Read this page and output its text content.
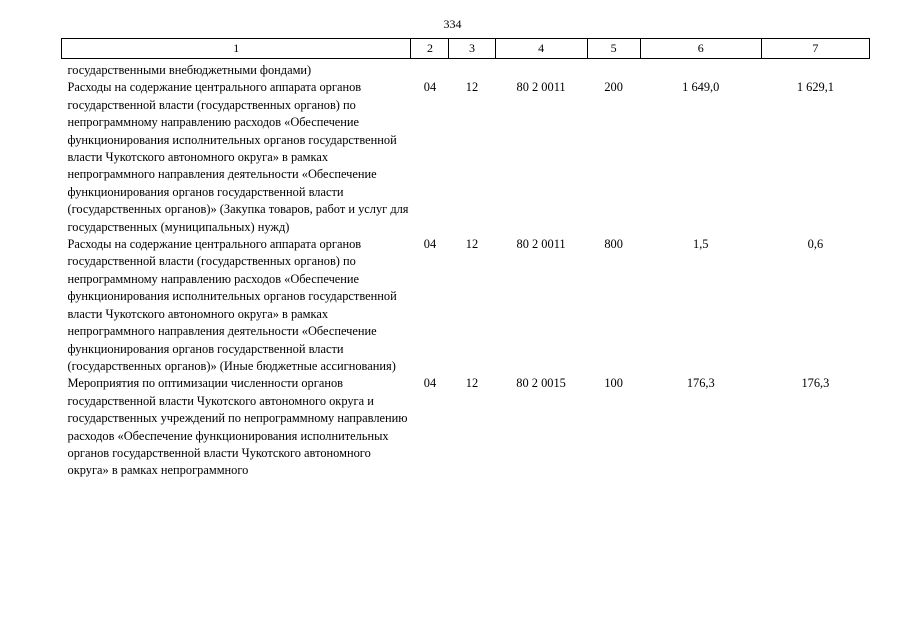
334
1	2	3	4	5	6	7
государственными внебюджетными фондами)
Расходы на содержание центрального аппарата органов государственной власти (государственных органов) по непрограммному направлению расходов «Обеспечение функционирования исполнительных органов государственной власти Чукотского автономного округа» в рамках непрограммного направления деятельности «Обеспечение функционирования органов государственной власти (государственных органов)» (Закупка товаров, работ и услуг для государственных (муниципальных) нужд)	04	12	80 2 0011	200	1 649,0	1 629,1
Расходы на содержание центрального аппарата органов государственной власти (государственных органов) по непрограммному направлению расходов «Обеспечение функционирования исполнительных органов государственной власти Чукотского автономного округа» в рамках непрограммного направления деятельности «Обеспечение функционирования органов государственной власти (государственных органов)» (Иные бюджетные ассигнования)	04	12	80 2 0011	800	1,5	0,6
Мероприятия по оптимизации численности органов государственной власти Чукотского автономного округа и государственных учреждений по непрограммному направлению расходов «Обеспечение функционирования исполнительных органов государственной власти Чукотского автономного округа» в рамках непрограммного	04	12	80 2 0015	100	176,3	176,3
